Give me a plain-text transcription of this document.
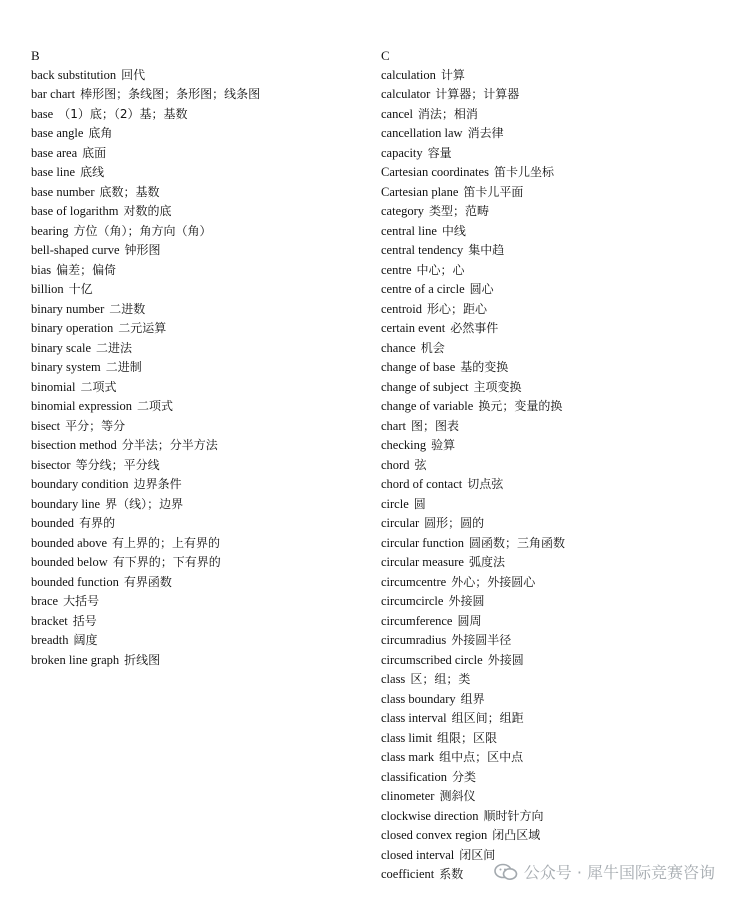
B
back substitution 回代
bar chart 棒形图；条线图；条形图；线条图
base （1）底；（2）基；基数
base angle 底角
base area 底面
base line 底线
base number 底数；基数
base of logarithm 对数的底
bearing 方位（角）；角方向（角）
bell-shaped curve 钟形图
bias 偏差；偏倚
billion 十亿
binary number 二进数
binary operation 二元运算
binary scale 二进法
binary system 二进制
binomial 二项式
binomial expression 二项式
bisect 平分；等分
bisection method 分半法；分半方法
bisector 等分线；平分线
boundary condition 边界条件
boundary line 界（线）；边界
bounded 有界的
bounded above 有上界的；上有界的
bounded below 有下界的；下有界的
bounded function 有界函数
brace 大括号
bracket 括号
breadth 阔度
broken line graph 折线图
C
calculation 计算
calculator 计算器；计算器
cancel 消法；相消
cancellation law 消去律
capacity 容量
Cartesian coordinates 笛卡儿坐标
Cartesian plane 笛卡儿平面
category 类型；范畴
central line 中线
central tendency 集中趋
centre 中心；心
centre of a circle 圆心
centroid 形心；距心
certain event 必然事件
chance 机会
change of base 基的变换
change of subject 主项变换
change of variable 换元；变量的换
chart 图；图表
checking 验算
chord 弦
chord of contact 切点弦
circle 圆
circular 圆形；圆的
circular function 圆函数；三角函数
circular measure 弧度法
circumcentre 外心；外接圆心
circumcircle 外接圆
circumference 圆周
circumradius 外接圆半径
circumscribed circle 外接圆
class 区；组；类
class boundary 组界
class interval 组区间；组距
class limit 组限；区限
class mark 组中点；区中点
classification 分类
clinometer 测斜仪
clockwise direction 顺时针方向
closed convex region 闭凸区域
closed interval 闭区间
coefficient 系数	公众号 · 犀牛国际竞赛咨询
